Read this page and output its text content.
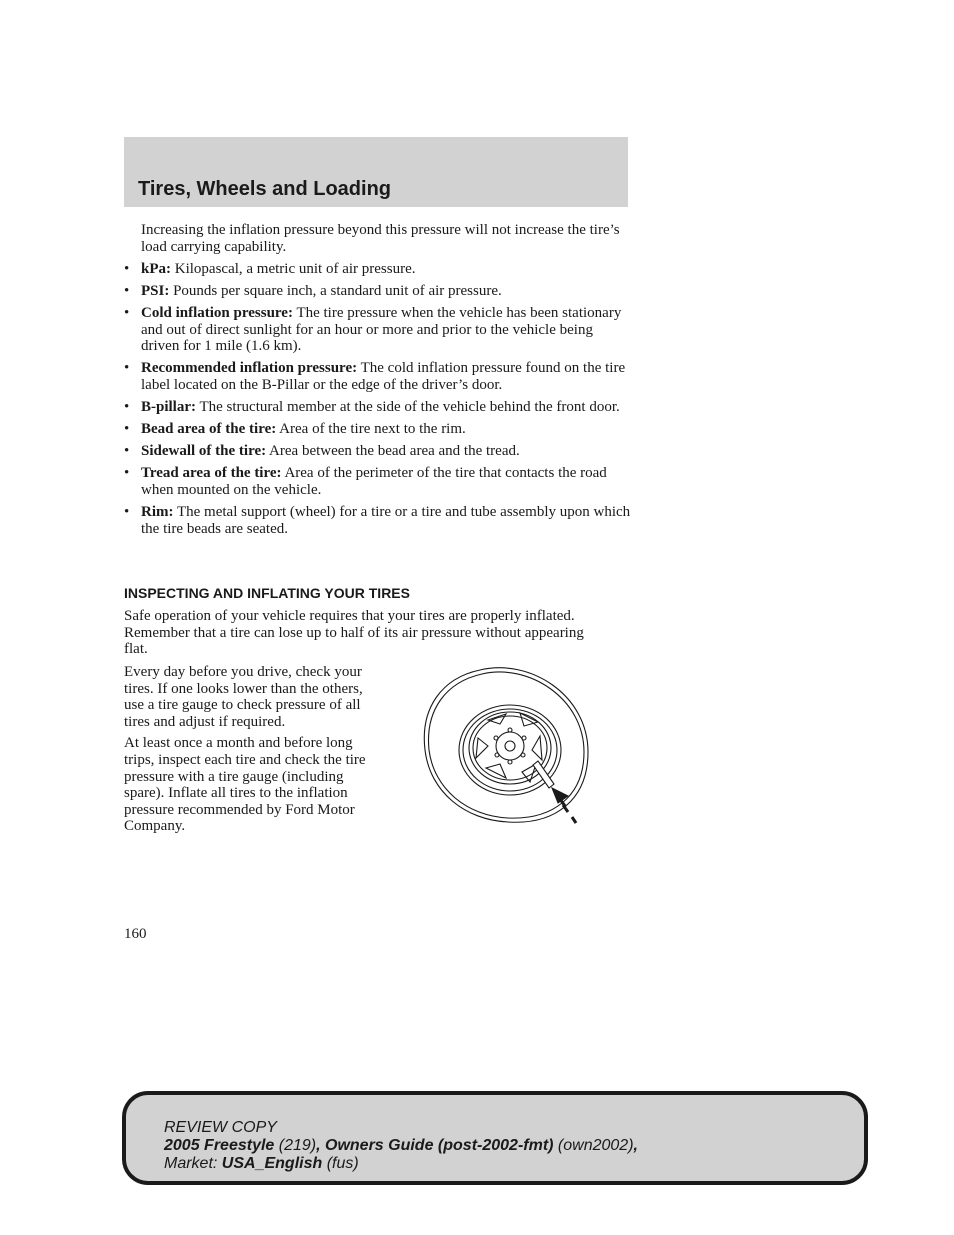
Tires, Wheels and Loading

Increasing the inflation pressure beyond this pressure will not increase the tire’s load carrying capability.

• kPa: Kilopascal, a metric unit of air pressure.
• PSI: Pounds per square inch, a standard unit of air pressure.
• Cold inflation pressure: The tire pressure when the vehicle has been stationary and out of direct sunlight for an hour or more and prior to the vehicle being driven for 1 mile (1.6 km).
• Recommended inflation pressure: The cold inflation pressure found on the tire label located on the B-Pillar or the edge of the driver’s door.
• B-pillar: The structural member at the side of the vehicle behind the front door.
• Bead area of the tire: Area of the tire next to the rim.
• Sidewall of the tire: Area between the bead area and the tread.
• Tread area of the tire: Area of the perimeter of the tire that contacts the road when mounted on the vehicle.
• Rim: The metal support (wheel) for a tire or a tire and tube assembly upon which the tire beads are seated.
INSPECTING AND INFLATING YOUR TIRES

Safe operation of your vehicle requires that your tires are properly inflated. Remember that a tire can lose up to half of its air pressure without appearing flat.

Every day before you drive, check your tires. If one looks lower than the others, use a tire gauge to check pressure of all tires and adjust if required.

At least once a month and before long trips, inspect each tire and check the tire pressure with a tire gauge (including spare). Inflate all tires to the inflation pressure recommended by Ford Motor Company.

160

REVIEW COPY
2005 Freestyle (219), Owners Guide (post-2002-fmt) (own2002),
Market: USA_English (fus)
